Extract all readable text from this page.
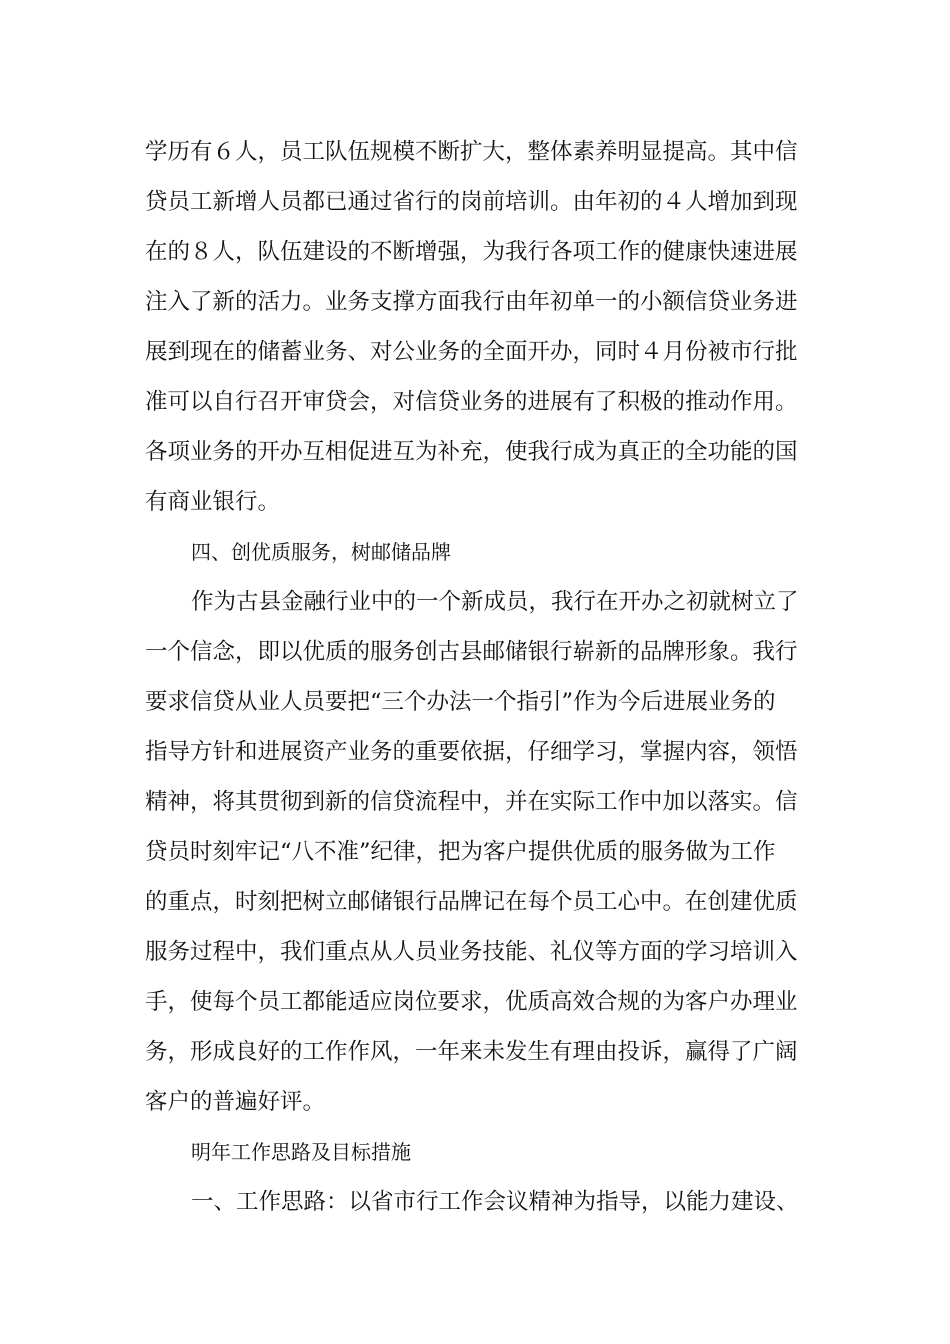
学历有６人，员工队伍规模不断扩大，整体素养明显提高。其中信
贷员工新增人员都已通过省行的岗前培训。由年初的４人增加到现
在的８人，队伍建设的不断增强，为我行各项工作的健康快速进展
注入了新的活力。业务支撑方面我行由年初单一的小额信贷业务进
展到现在的储蓄业务、对公业务的全面开办，同时４月份被市行批
准可以自行召开审贷会，对信贷业务的进展有了积极的推动作用。
各项业务的开办互相促进互为补充，使我行成为真正的全功能的国
有商业银行。
四、创优质服务，树邮储品牌
作为古县金融行业中的一个新成员，我行在开办之初就树立了
一个信念，即以优质的服务创古县邮储银行崭新的品牌形象。我行
要求信贷从业人员要把“三个办法一个指引”作为今后进展业务的
指导方针和进展资产业务的重要依据，仔细学习，掌握内容，领悟
精神，将其贯彻到新的信贷流程中，并在实际工作中加以落实。信
贷员时刻牢记“八不准”纪律，把为客户提供优质的服务做为工作
的重点，时刻把树立邮储银行品牌记在每个员工心中。在创建优质
服务过程中，我们重点从人员业务技能、礼仪等方面的学习培训入
手，使每个员工都能适应岗位要求，优质高效合规的为客户办理业
务，形成良好的工作作风，一年来未发生有理由投诉，赢得了广阔
客户的普遍好评。
明年工作思路及目标措施
一、工作思路：以省市行工作会议精神为指导，以能力建设、
